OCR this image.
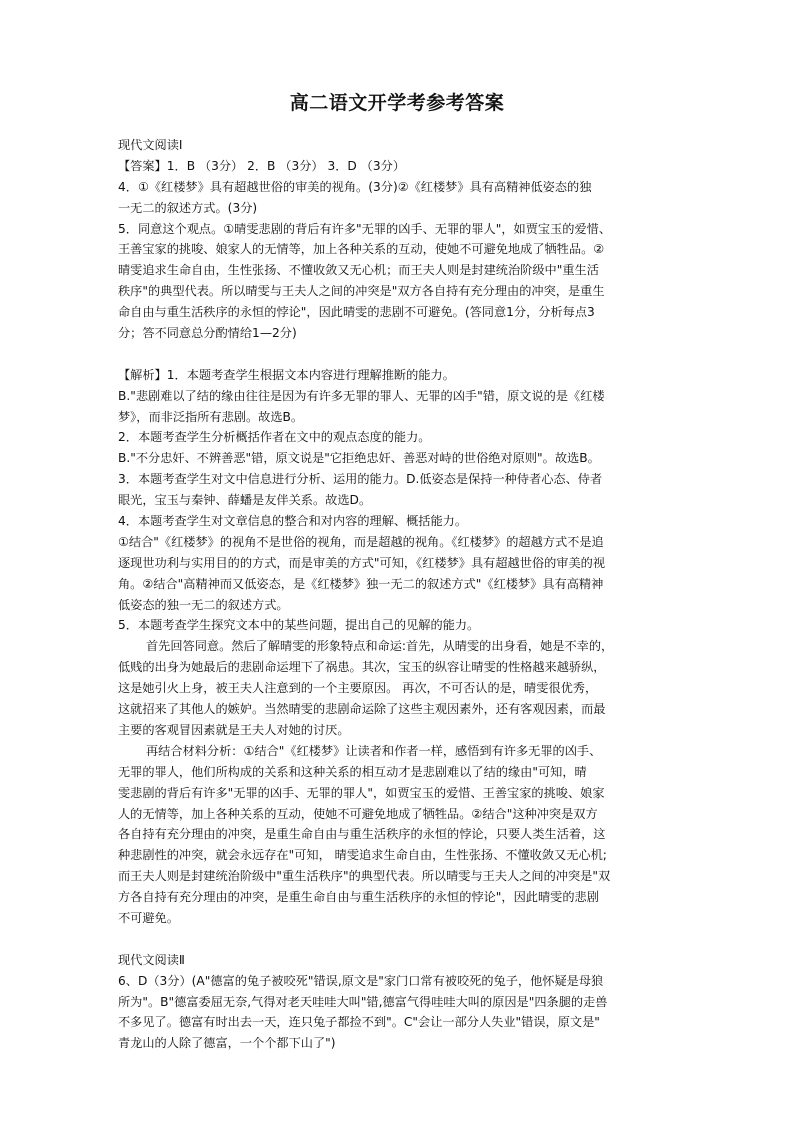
高二语文开学考参考答案
现代文阅读Ⅰ
【答案】1．B （3分） 2．B （3分） 3．D （3分）
4．①《红楼梦》具有超越世俗的审美的视角。(3分)②《红楼梦》具有高精神低姿态的独
一无二的叙述方式。(3分)
5．同意这个观点。①晴雯悲剧的背后有许多"无罪的凶手、无罪的罪人"，如贾宝玉的爱惜、
王善宝家的挑唆、娘家人的无情等，加上各种关系的互动，使她不可避免地成了牺牲品。②
晴雯追求生命自由，生性张扬、不懂收敛又无心机；而王夫人则是封建统治阶级中"重生活
秩序"的典型代表。所以晴雯与王夫人之间的冲突是"双方各自持有充分理由的冲突，是重生
命自由与重生活秩序的永恒的悖论"，因此晴雯的悲剧不可避免。(答同意1分，分析每点3
分；答不同意总分酌情给1—2分)
【解析】1．本题考查学生根据文本内容进行理解推断的能力。
B."悲剧难以了结的缘由往往是因为有许多无罪的罪人、无罪的凶手"错，原文说的是《红楼
梦》，而非泛指所有悲剧。故选B。
2．本题考查学生分析概括作者在文中的观点态度的能力。
B."不分忠奸、不辨善恶"错，原文说是"它拒绝忠奸、善恶对峙的世俗绝对原则"。故选B。
3．本题考查学生对文中信息进行分析、运用的能力。D.低姿态是保持一种侍者心态、侍者
眼光，宝玉与秦钟、薛蟠是友伴关系。故选D。
4．本题考查学生对文章信息的整合和对内容的理解、概括能力。
①结合"《红楼梦》的视角不是世俗的视角，而是超越的视角。《红楼梦》的超越方式不是追
逐现世功利与实用目的的方式，而是审美的方式"可知，《红楼梦》具有超越世俗的审美的视
角。②结合"高精神而又低姿态，是《红楼梦》独一无二的叙述方式"《红楼梦》具有高精神
低姿态的独一无二的叙述方式。
5．本题考查学生探究文本中的某些问题，提出自己的见解的能力。
首先回答同意。然后了解晴雯的形象特点和命运:首先，从晴雯的出身看，她是不幸的，
低贱的出身为她最后的悲剧命运埋下了祸患。其次，宝玉的纵容让晴雯的性格越来越骄纵，
这是她引火上身，被王夫人注意到的一个主要原因。 再次，不可否认的是，晴雯很优秀，
这就招来了其他人的嫉妒。当然晴雯的悲剧命运除了这些主观因素外，还有客观因素，而最
主要的客观冒因素就是王夫人对她的讨厌。
再结合材料分析：①结合"《红楼梦》让读者和作者一样，感悟到有许多无罪的凶手、
无罪的罪人，他们所构成的关系和这种关系的相互动才是悲剧难以了结的缘由"可知，晴
雯悲剧的背后有许多"无罪的凶手、无罪的罪人"，如贾宝玉的爱惜、王善宝家的挑唆、娘家
人的无情等，加上各种关系的互动，使她不可避免地成了牺牲品。②结合"这种冲突是双方
各自持有充分理由的冲突，是重生命自由与重生活秩序的永恒的悖论，只要人类生活着，这
种悲剧性的冲突，就会永远存在"可知， 晴雯追求生命自由，生性张扬、不懂收敛又无心机;
而王夫人则是封建统治阶级中"重生活秩序"的典型代表。所以晴雯与王夫人之间的冲突是"双
方各自持有充分理由的冲突，是重生命自由与重生活秩序的永恒的悖论"，因此晴雯的悲剧
不可避免。
现代文阅读Ⅱ
6、D（3分）(A"德富的兔子被咬死"错误,原文是"家门口常有被咬死的兔子，他怀疑是母狼
所为"。B"德富委屈无奈,气得对老天哇哇大叫"错,德富气得哇哇大叫的原因是"四条腿的走兽
不多见了。德富有时出去一天，连只兔子都捡不到"。C"会让一部分人失业"错误，原文是"
青龙山的人除了德富，一个个都下山了")
